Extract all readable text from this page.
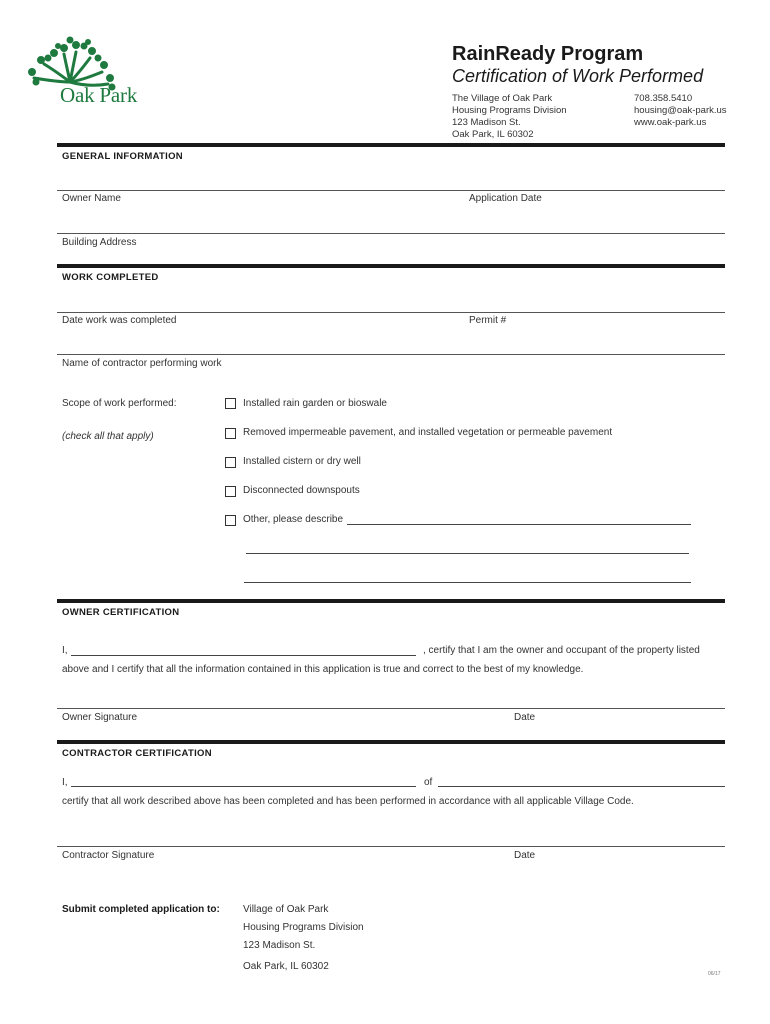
Oak Park
RainReady Program
Certification of Work Performed
The Village of Oak Park
Housing Programs Division
123 Madison St.
Oak Park, IL 60302
708.358.5410
housing@oak-park.us
www.oak-park.us
GENERAL INFORMATION
Owner Name	Application Date
Building Address
WORK COMPLETED
Date work was completed	Permit #
Name of contractor performing work
Scope of work performed:
(check all that apply)
Installed rain garden or bioswale
Removed impermeable pavement, and installed vegetation or permeable pavement
Installed cistern or dry well
Disconnected downspouts
Other, please describe
OWNER CERTIFICATION
I,	, certify that I am the owner and occupant of the property listed
above and I certify that all the information contained in this application is true and correct to the best of my knowledge.
Owner Signature	Date
CONTRACTOR CERTIFICATION
I,	of
certify that all work described above has been completed and has been performed in accordance with all applicable Village Code.
Contractor Signature	Date
Submit completed application to: Village of Oak Park
Housing Programs Division
123 Madison St.
Oak Park, IL 60302
06/17
